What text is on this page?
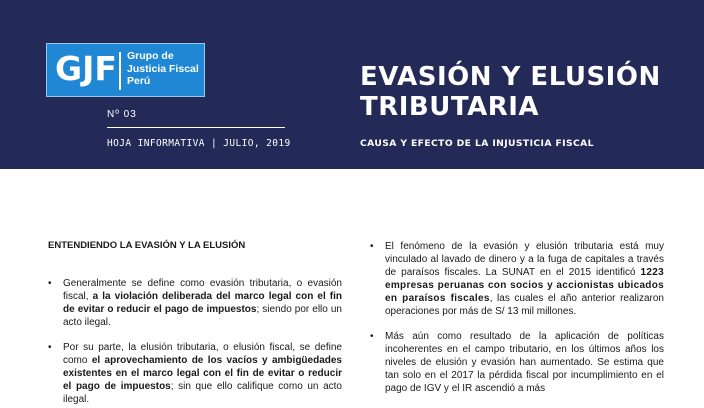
GJF Grupo de
Justicia Fiscal
Perú
Nº 03
HOJA INFORMATIVA | JULIO, 2019
EVASIÓN Y ELUSIÓN
TRIBUTARIA
CAUSA Y EFECTO DE LA INJUSTICIA FISCAL
ENTENDIENDO LA EVASIÓN Y LA ELUSIÓN
• Generalmente se define como evasión tributaria, o evasión fiscal, a la violación deliberada del marco legal con el fin de evitar o reducir el pago de impuestos; siendo por ello un acto ilegal.
• Por su parte, la elusión tributaria, o elusión fiscal, se define como el aprovechamiento de los vacíos y ambigüedades existentes en el marco legal con el fin de evitar o reducir el pago de impuestos; sin que ello califique como un acto ilegal.
• El fenómeno de la evasión y elusión tributaria está muy vinculado al lavado de dinero y a la fuga de capitales a través de paraísos fiscales. La SUNAT en el 2015 identificó 1223 empresas peruanas con socios y accionistas ubicados en paraísos fiscales, las cuales el año anterior realizaron operaciones por más de S/ 13 mil millones.
• Más aún como resultado de la aplicación de políticas incoherentes en el campo tributario, en los últimos años los niveles de elusión y evasión han aumentado. Se estima que tan solo en el 2017 la pérdida fiscal por incumplimiento en el pago de IGV y el IR ascendió a más
